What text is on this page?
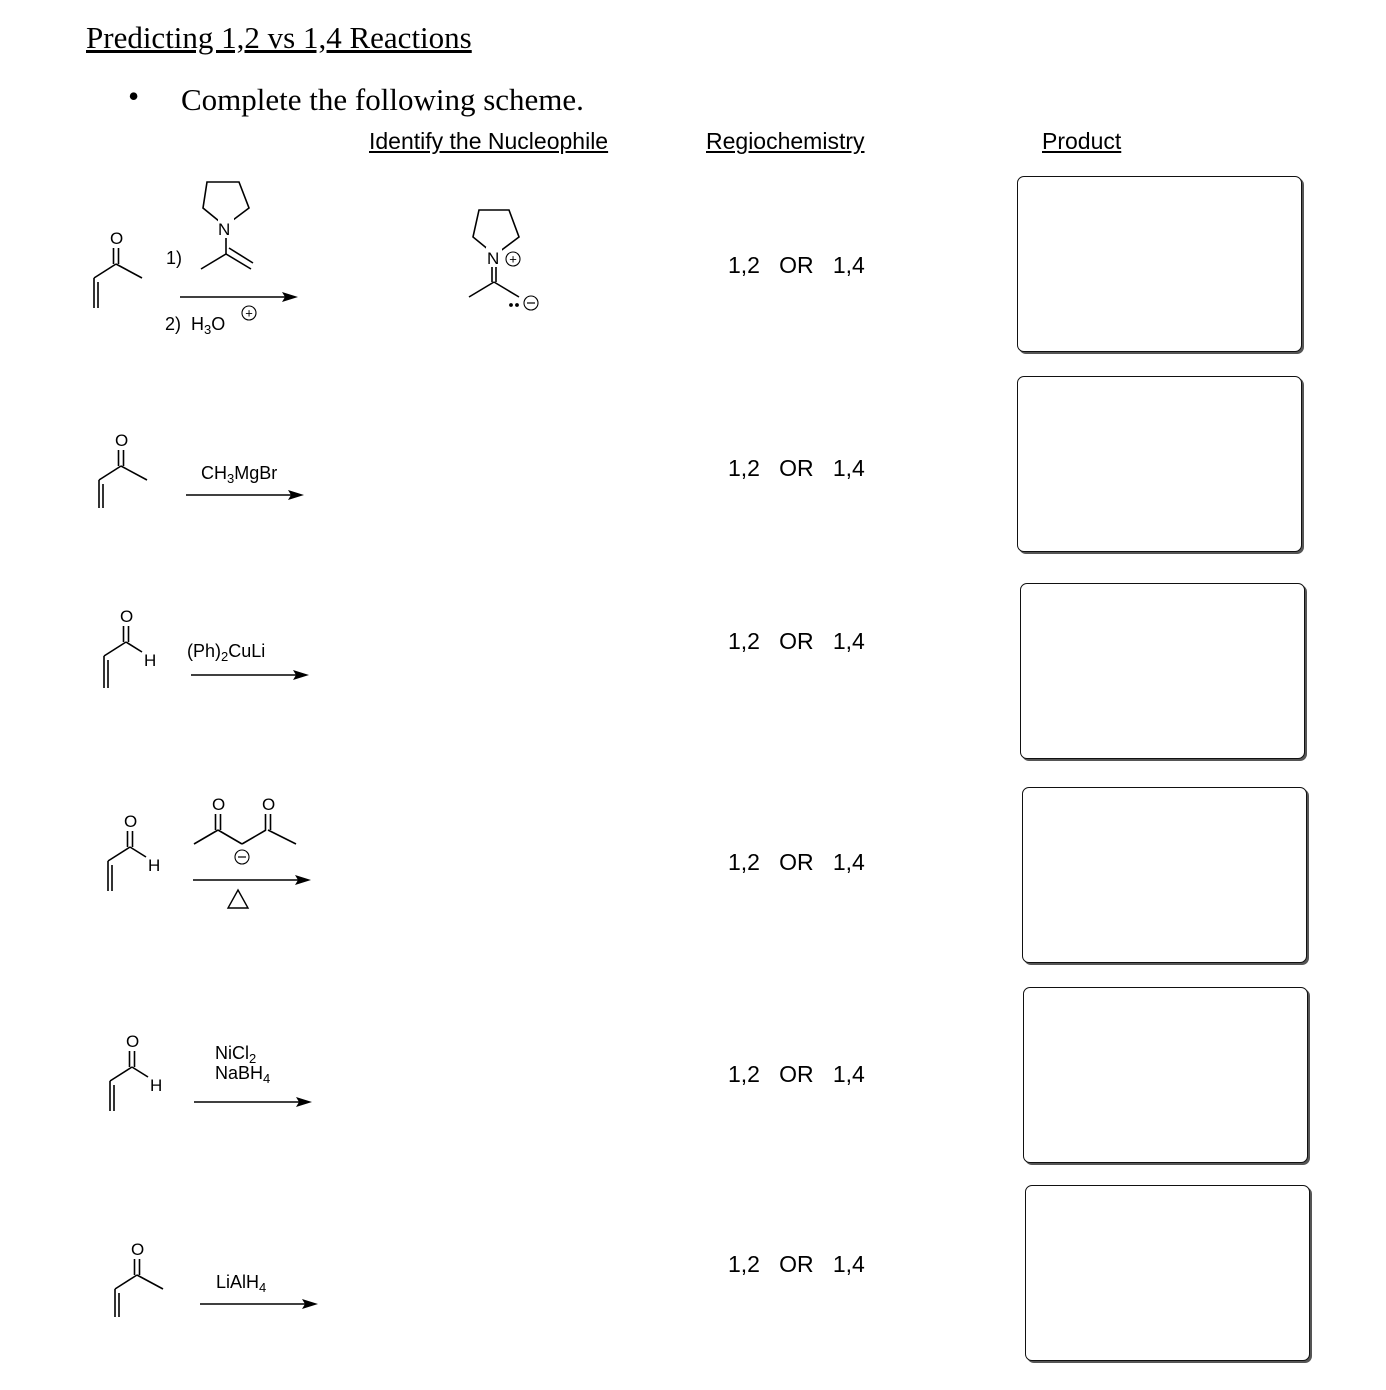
Predicting 1,2 vs 1,4 Reactions
• Complete the following scheme.
Identify the Nucleophile	Regiochemistry	Product
O
1)
N
2) $H_3O$
+
N +	1,2   OR   1,4
O
$CH_3MgBr$	1,2   OR   1,4
O
H $(Ph)_2CuLi$	1,2   OR   1,4
O
H
O O
1,2   OR   1,4
O
H
NiCl$_2$
NaBH$_4$	1,2   OR   1,4
O
LiAlH$_4$
1,2   OR   1,4
